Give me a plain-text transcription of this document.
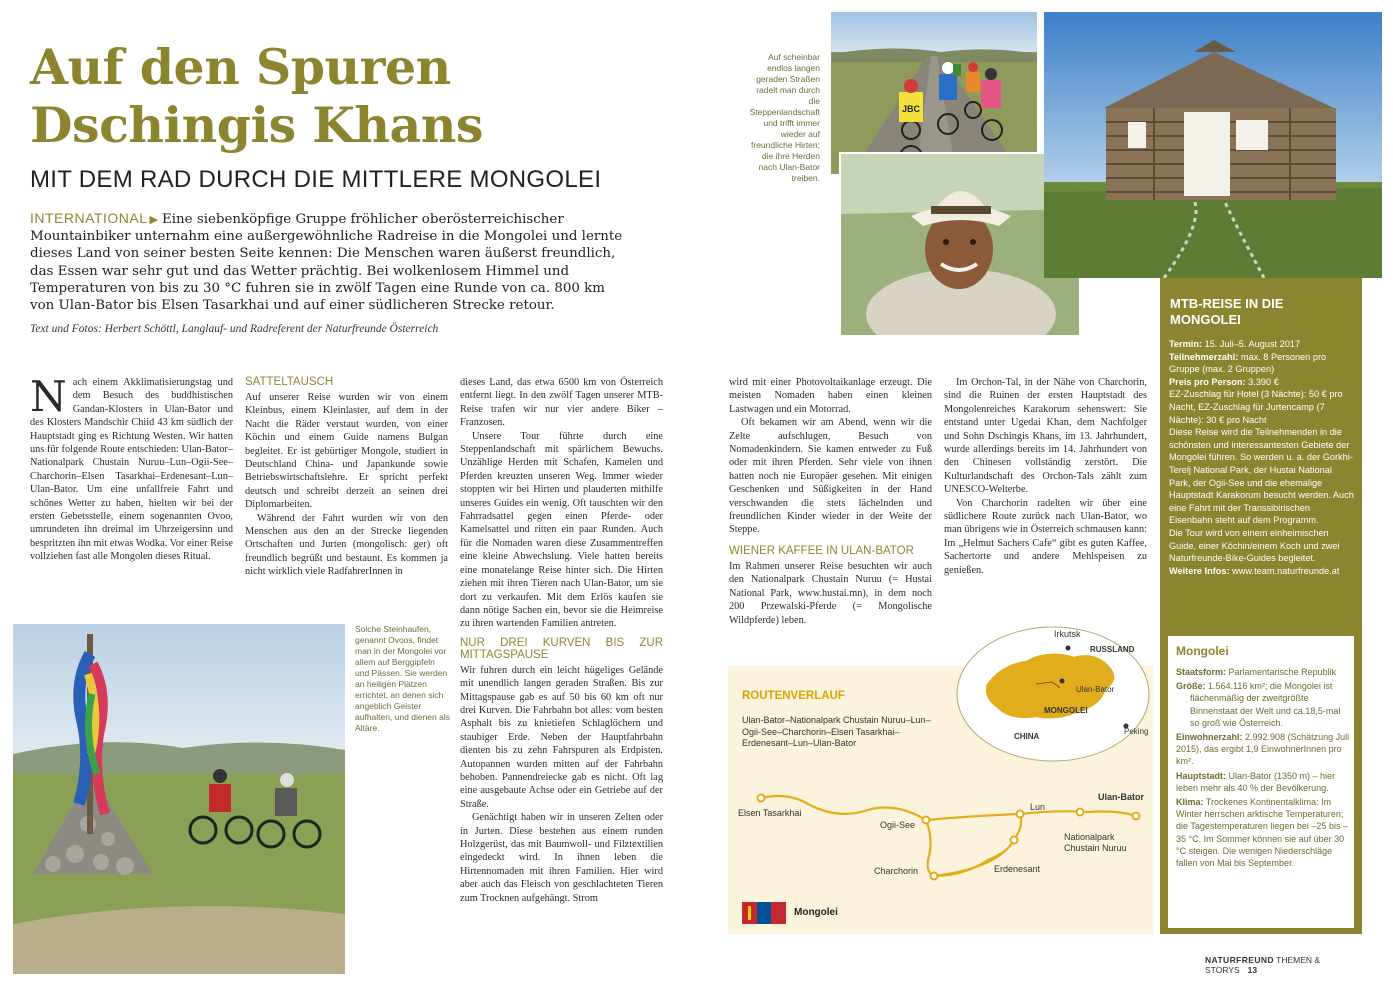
Auf den Spuren Dschingis Khans
MIT DEM RAD DURCH DIE MITTLERE MONGOLEI
INTERNATIONAL ▶ Eine siebenköpfige Gruppe fröhlicher oberösterreichischer Mountainbiker unternahm eine außergewöhnliche Radreise in die Mongolei und lernte dieses Land von seiner besten Seite kennen: Die Menschen waren äußerst freundlich, das Essen war sehr gut und das Wetter prächtig. Bei wolkenlosem Himmel und Temperaturen von bis zu 30 °C fuhren sie in zwölf Tagen eine Runde von ca. 800 km von Ulan-Bator bis Elsen Tasarkhai und auf einer südlicheren Strecke retour.
Text und Fotos: Herbert Schöttl, Langlauf- und Radreferent der Naturfreunde Österreich
N ach einem Akklimatisierungstag und dem Besuch des buddhistischen Gandan-Klosters in Ulan-Bator und des Klosters Mandschir Chiid 43 km südlich der Hauptstadt ging es Richtung Westen. Wir hatten uns für folgende Route entschieden: Ulan-Bator– Nationalpark Chustain Nuruu–Lun–Ogii-See–Charchorin–Elsen Tasarkhai–Erdenesant–Lun–Ulan-Bator. Um eine unfallfreie Fahrt und schönes Wetter zu haben, hielten wir bei der ersten Gebetsstelle, einem sogenannten Ovoo, umrundeten ihn dreimal im Uhrzeigersinn und bespritzten ihn mit etwas Wodka. Vor einer Reise vollziehen fast alle Mongolen dieses Ritual.

SATTELTAUSCH

Auf unserer Reise wurden wir von einem Kleinbus, einem Kleinlaster, auf dem in der Nacht die Räder verstaut wurden, von einer Köchin und einem Guide namens Bulgan begleitet. Er ist gebürtiger Mongole, studiert in Deutschland China- und Japankunde sowie Betriebswirtschaftslehre. Er spricht perfekt deutsch und schreibt derzeit an seinen drei Diplomarbeiten.

Während der Fahrt wurden wir von den Menschen aus den an der Strecke liegenden Ortschaften und Jurten (mongolisch: ger) oft freundlich begrüßt und bestaunt. Es kommen ja nicht wirklich viele RadfahrerInnen in

dieses Land, das etwa 6500 km von Österreich entfernt liegt. In den zwölf Tagen unserer MTB-Reise trafen wir nur vier andere Biker – Franzosen.

Unsere Tour führte durch eine Steppenlandschaft mit spärlichem Bewuchs. Unzählige Herden mit Schafen, Kamelen und Pferden kreuzten unseren Weg. Immer wieder stoppten wir bei Hirten und plauderten mithilfe unseres Guides ein wenig. Oft tauschten wir den Fahrradsattel gegen einen Pferde- oder Kamelsattel und ritten ein paar Runden. Auch für die Nomaden waren diese Zusammentreffen eine kleine Abwechslung. Viele hatten bereits eine monatelange Reise hinter sich. Die Hirten ziehen mit ihren Tieren nach Ulan-Bator, um sie dort zu verkaufen. Mit dem Erlös kaufen sie dann nötige Sachen ein, bevor sie die Heimreise zu ihren wartenden Familien antreten.

NUR DREI KURVEN BIS ZUR MITTAGSPAUSE

Wir fuhren durch ein leicht hügeliges Gelände mit unendlich langen geraden Straßen. Bis zur Mittagspause gab es auf 50 bis 60 km oft nur drei Kurven. Die Fahrbahn bot alles: vom besten Asphalt bis zu knietiefen Schlaglöchern und staubiger Erde. Neben der Hauptfahrbahn dienten bis zu zehn Fahrspuren als Erdpisten. Autopannen wurden mitten auf der Fahrbahn behoben. Pannendreiecke gab es nicht. Oft lag eine ausgebaute Achse oder ein Getriebe auf der Straße.

Genächtigt haben wir in unseren Zelten oder in Jurten. Diese bestehen aus einem runden Holzgerüst, das mit Baumwoll- und Filztextilien eingedeckt wird. In ihnen leben die Hirtennomaden mit ihren Familien. Hier wird aber auch das Fleisch von geschlachteten Tieren zum Trocknen aufgehängt. Strom

wird mit einer Photovoltaikanlage erzeugt. Die meisten Nomaden haben einen kleinen Lastwagen und ein Motorrad.

Oft bekamen wir am Abend, wenn wir die Zelte aufschlugen, Besuch von Nomadenkindern. Sie kamen entweder zu Fuß oder mit ihren Pferden. Sehr viele von ihnen hatten noch nie Europäer gesehen. Mit einigen Geschenken und Süßigkeiten in der Hand verschwanden die stets lächelnden und freundlichen Kinder wieder in der Weite der Steppe.

WIENER KAFFEE IN ULAN-BATOR

Im Rahmen unserer Reise besuchten wir auch den Nationalpark Chustain Nuruu (= Hustai National Park, www.hustai.mn), in dem noch 200 Przewalski-Pferde (= Mongolische Wildpferde) leben.

Im Orchon-Tal, in der Nähe von Charchorin, sind die Ruinen der ersten Hauptstadt des Mongolenreiches Karakorum sehenswert: Sie entstand unter Ugedai Khan, dem Nachfolger und Sohn Dschingis Khans, im 13. Jahrhundert, wurde allerdings bereits im 14. Jahrhundert von den Chinesen vollständig zerstört. Die Kulturlandschaft des Orchon-Tals zählt zum UNESCO-Welterbe.

Von Charchorin radelten wir über eine südlichere Route zurück nach Ulan-Bator, wo man übrigens wie in Österreich schmausen kann: Im „Helmut Sachers Cafe“ gibt es guten Kaffee, Sachertorte und andere Mehlspeisen zu genießen.

JBC
Auf scheinbar endlos langen geraden Straßen radelt man durch die Steppenlandschaft und trifft immer wieder auf freundliche Hirten; die ihre Herden nach Ulan-Bator treiben.
Solche Steinhaufen, genannt Ovoos, findet man in der Mongolei vor allem auf Berggipfeln und Pässen. Sie werden an heiligen Plätzen errichtet, an denen sich angeblich Geister aufhalten, und dienen als Altäre.
ROUTENVERLAUF
Ulan-Bator–Nationalpark Chustain Nuruu–Lun–Ogii-See–Charchorin–Elsen Tasarkhai–Erdenesant–Lun–Ulan-Bator
Irkutsk
RUSSLAND
Ulan-Bator
MONGOLEI
CHINA
Peking
Elsen Tasarkhai
Ogii-See
Charchorin	Erdenesant
Lun
Nationalpark
Chustain Nuruu
Ulan-Bator
Mongolei
MTB-REISE IN DIE MONGOLEI

Termin: 15. Juli–5. August 2017

Teilnehmerzahl: max. 8 Personen pro Gruppe (max. 2 Gruppen)

Preis pro Person: 3.390 €

EZ-Zuschlag für Hotel (3 Nächte): 50 € pro Nacht, EZ-Zuschlag für Jurtencamp (7 Nächte): 30 € pro Nacht

Diese Reise wird die Teilnehmenden in die schönsten und interessantesten Gebiete der Mongolei führen. So werden u. a. der Gorkhi-Terelj National Park, der Hustai National Park, der Ogii-See und die ehemalige Hauptstadt Karakorum besucht werden. Auch eine Fahrt mit der Transsibirischen Eisenbahn steht auf dem Programm.

Die Tour wird von einem einheimischen Guide, einer Köchin/einem Koch und zwei Naturfreunde-Bike-Guides begleitet.

Weitere Infos: www.team.naturfreunde.at

Mongolei

Staatsform: Parlamentarische Republik

Größe: 1.564.116 km²; die Mongolei ist flächenmäßig der zweitgrößte Binnenstaat der Welt und ca.18,5-mal so groß wie Österreich.

Einwohnerzahl: 2.992.908 (Schätzung Juli 2015), das ergibt 1,9 EinwohnerInnen pro km².

Hauptstadt: Ulan-Bator (1350 m) – hier leben mehr als 40 % der Bevölkerung.

Klima: Trockenes Kontinentalklima: Im Winter herrschen arktische Temperaturen; die Tagestemperaturen liegen bei –25 bis –35 °C. Im Sommer können sie auf über 30 °C steigen. Die wenigen Niederschläge fallen von Mai bis September.

NATURFREUND THEMEN & STORYS 13
